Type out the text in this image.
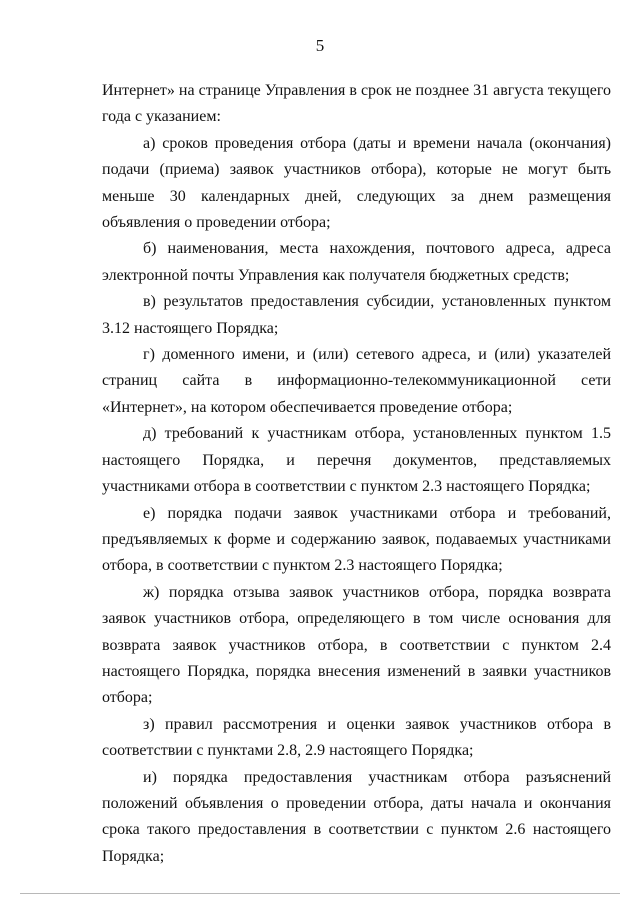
5

Интернет» на странице Управления в срок не позднее 31 августа текущего года с указанием:

а) сроков проведения отбора (даты и времени начала (окончания) подачи (приема) заявок участников отбора), которые не могут быть меньше 30 календарных дней, следующих за днем размещения объявления о проведении отбора;

б) наименования, места нахождения, почтового адреса, адреса электронной почты Управления как получателя бюджетных средств;

в) результатов предоставления субсидии, установленных пунктом 3.12 настоящего Порядка;

г) доменного имени, и (или) сетевого адреса, и (или) указателей страниц сайта в информационно-телекоммуникационной сети «Интернет», на котором обеспечивается проведение отбора;

д) требований к участникам отбора, установленных пунктом 1.5 настоящего Порядка, и перечня документов, представляемых участниками отбора в соответствии с пунктом 2.3 настоящего Порядка;

е) порядка подачи заявок участниками отбора и требований, предъявляемых к форме и содержанию заявок, подаваемых участниками отбора, в соответствии с пунктом 2.3 настоящего Порядка;

ж) порядка отзыва заявок участников отбора, порядка возврата заявок участников отбора, определяющего в том числе основания для возврата заявок участников отбора, в соответствии с пунктом 2.4 настоящего Порядка, порядка внесения изменений в заявки участников отбора;

з) правил рассмотрения и оценки заявок участников отбора в соответствии с пунктами 2.8, 2.9 настоящего Порядка;

и) порядка предоставления участникам отбора разъяснений положений объявления о проведении отбора, даты начала и окончания срока такого предоставления в соответствии с пунктом 2.6 настоящего Порядка;
